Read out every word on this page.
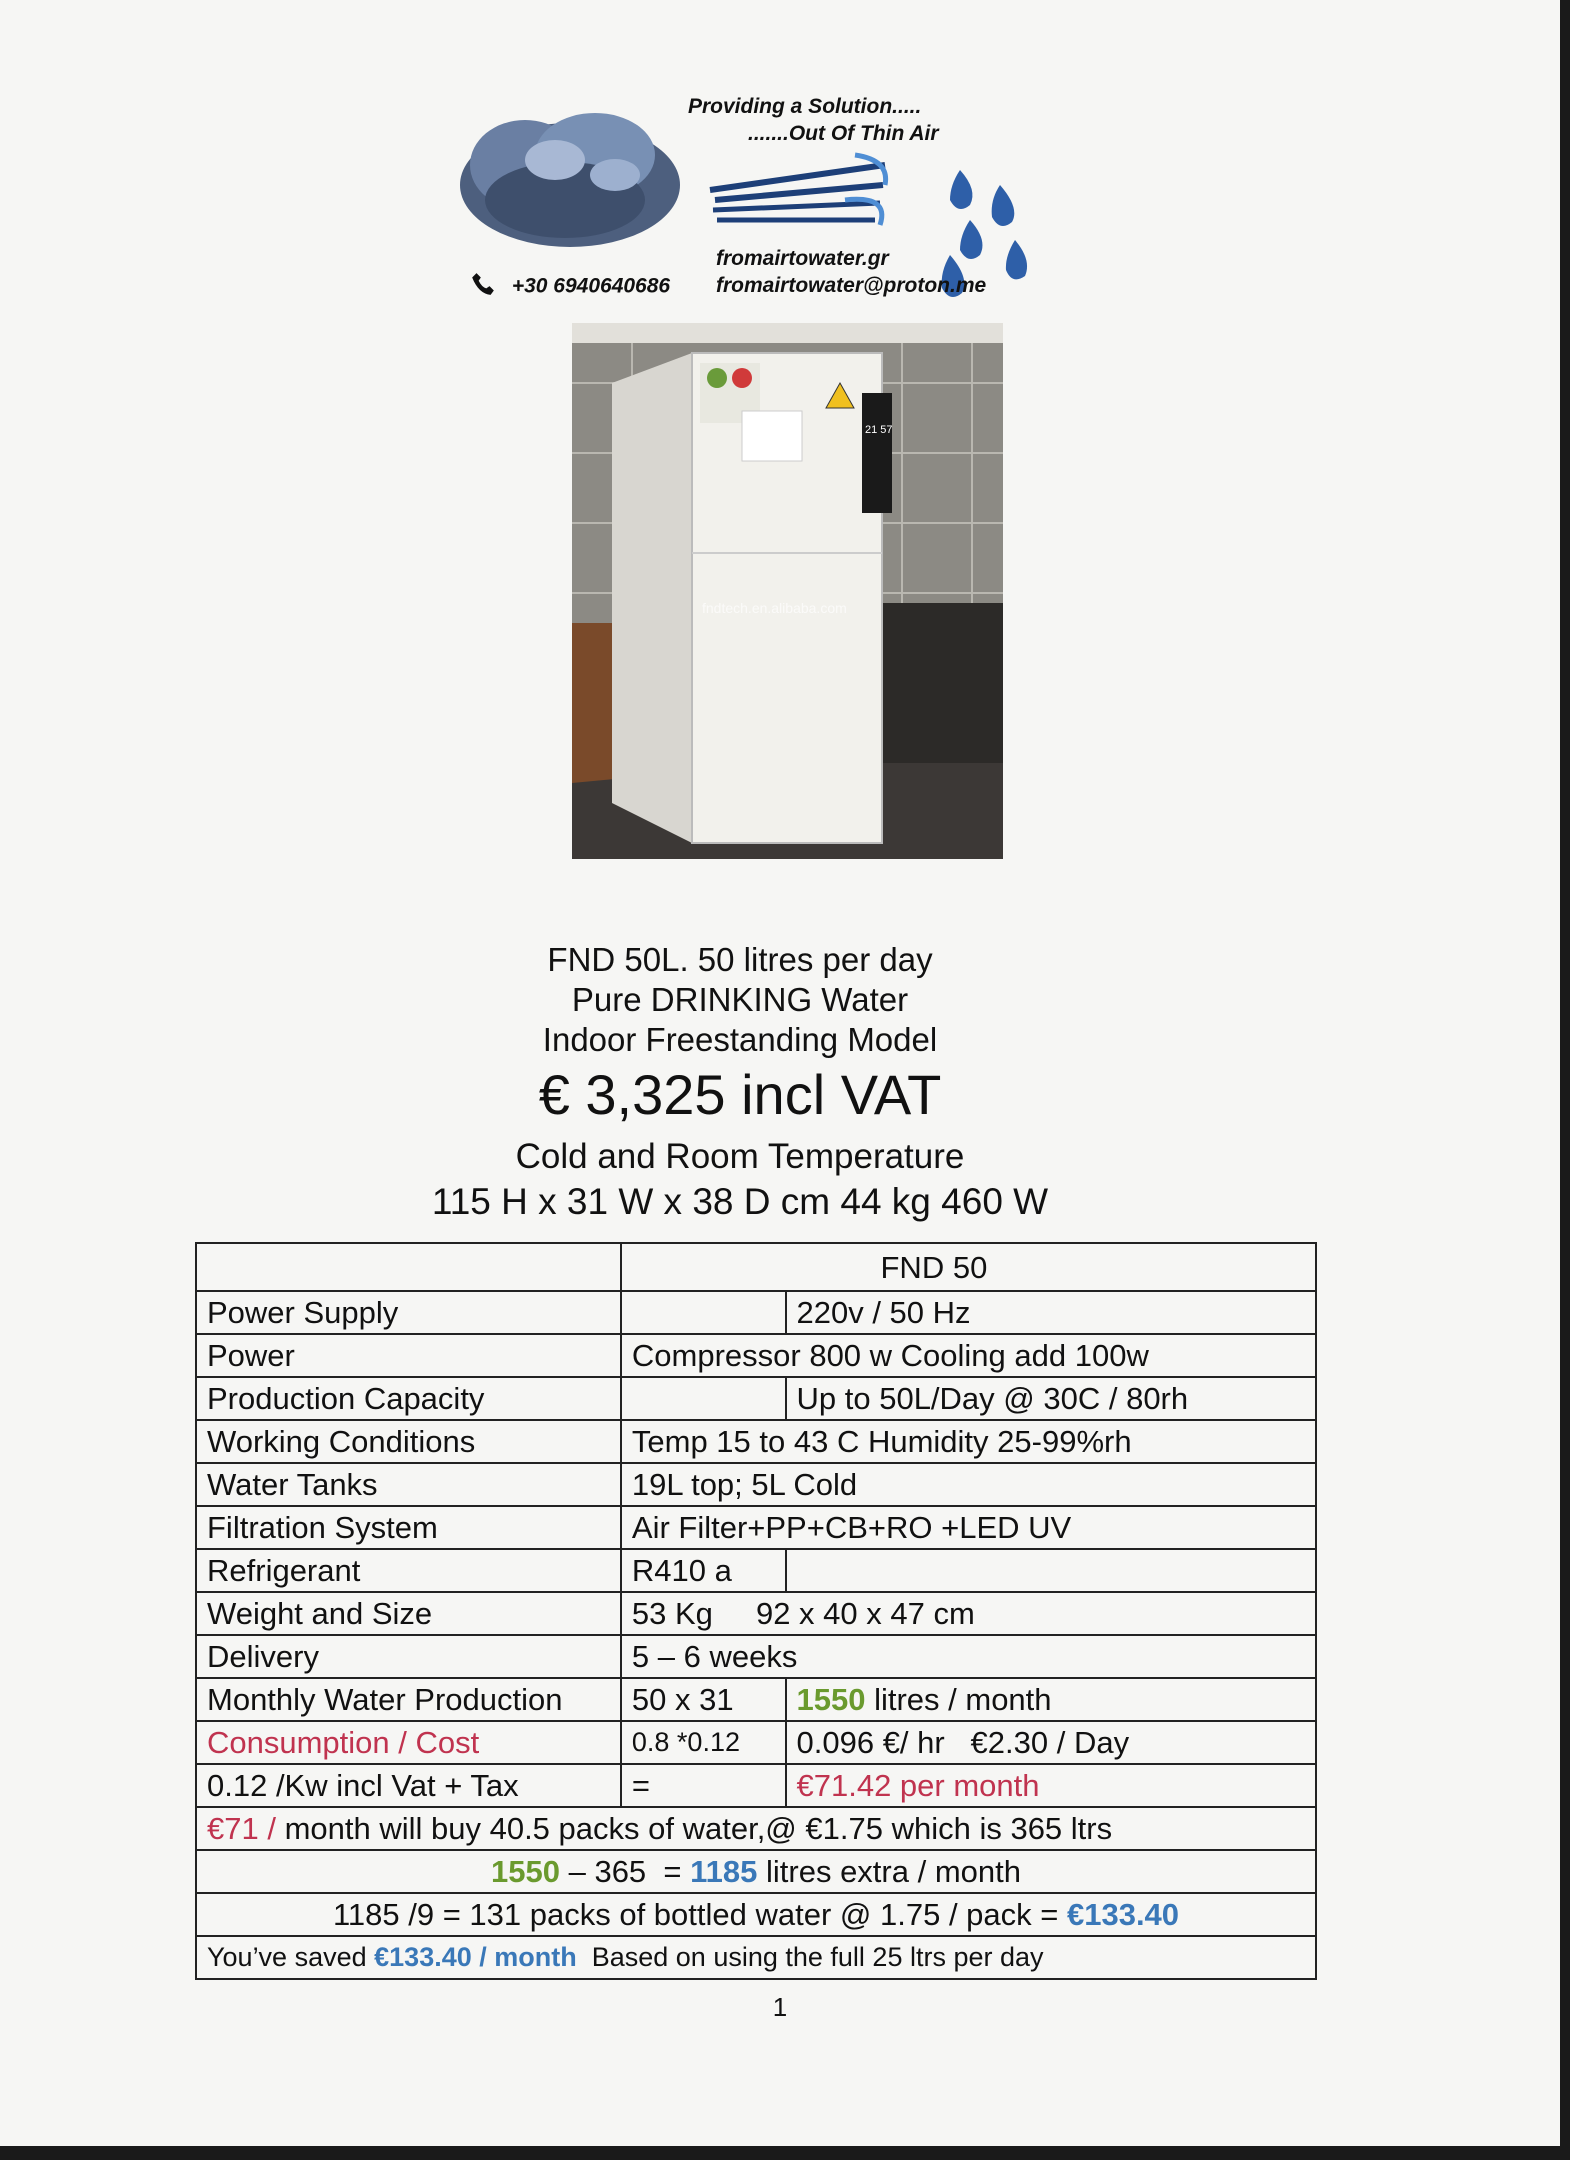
Providing a Solution.....
.......Out Of Thin Air
fromairtowater.gr
fromairtowater@proton.me
+30 6940640686
21 57
fndtech.en.alibaba.com
FND 50L. 50 litres per day
Pure DRINKING Water
Indoor Freestanding Model
€ 3,325 incl VAT
Cold and Room Temperature
115 H x 31 W x 38 D cm 44 kg 460 W
		FND 50
Power Supply		220v / 50 Hz
Power	Compressor 800 w Cooling add 100w	
Production Capacity		Up to 50L/Day @ 30C / 80rh
Working Conditions	Temp 15 to 43 C Humidity 25-99%rh	
Water Tanks	19L top; 5L Cold	
Filtration System	Air Filter+PP+CB+RO +LED UV	
Refrigerant	R410 a	
Weight and Size	53 Kg     92 x 40 x 47 cm	
Delivery	5 – 6 weeks	
Monthly Water Production	50 x 31	1550 litres / month
Consumption / Cost	0.8 *0.12	0.096 €/ hr   €2.30 / Day
0.12 /Kw incl Vat + Tax	=	€71.42 per month
€71 / month will buy 40.5 packs of water,@ €1.75 which is 365 ltrs		
1550 – 365  = 1185 litres extra / month		
1185 /9 = 131 packs of bottled water @ 1.75 / pack = €133.40		
You’ve saved €133.40 / month  Based on using the full 25 ltrs per day		
1
